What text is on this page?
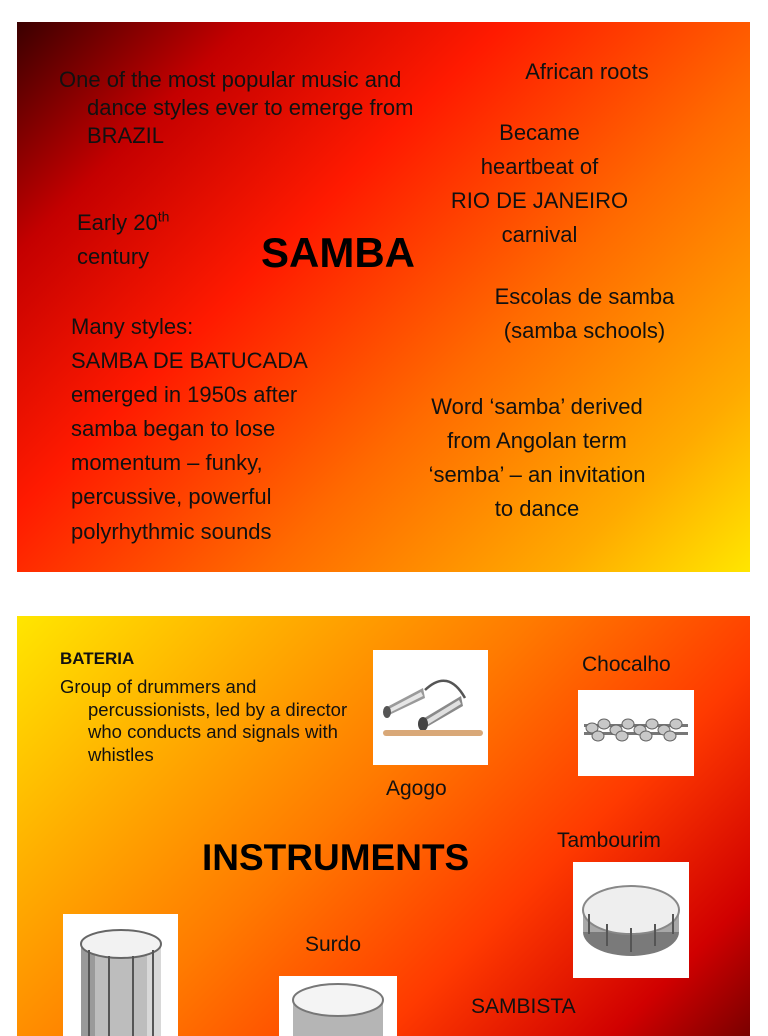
One of the most popular music and dance styles ever to emerge from BRAZIL
African roots
Became
heartbeat of
RIO DE JANEIRO
carnival
Early 20th
century	SAMBA
Escolas de samba
(samba schools)
Many styles:
SAMBA DE BATUCADA
emerged in 1950s after
samba began to lose
momentum – funky,
percussive, powerful
polyrhythmic sounds
Word ‘samba’ derived
from Angolan term
‘semba’ – an invitation
to dance
BATERIA
Group of drummers and percussionists, led by a director who conducts and signals with whistles
Agogo
Chocalho
INSTRUMENTS	Tambourim
Surdo
SAMBISTA
